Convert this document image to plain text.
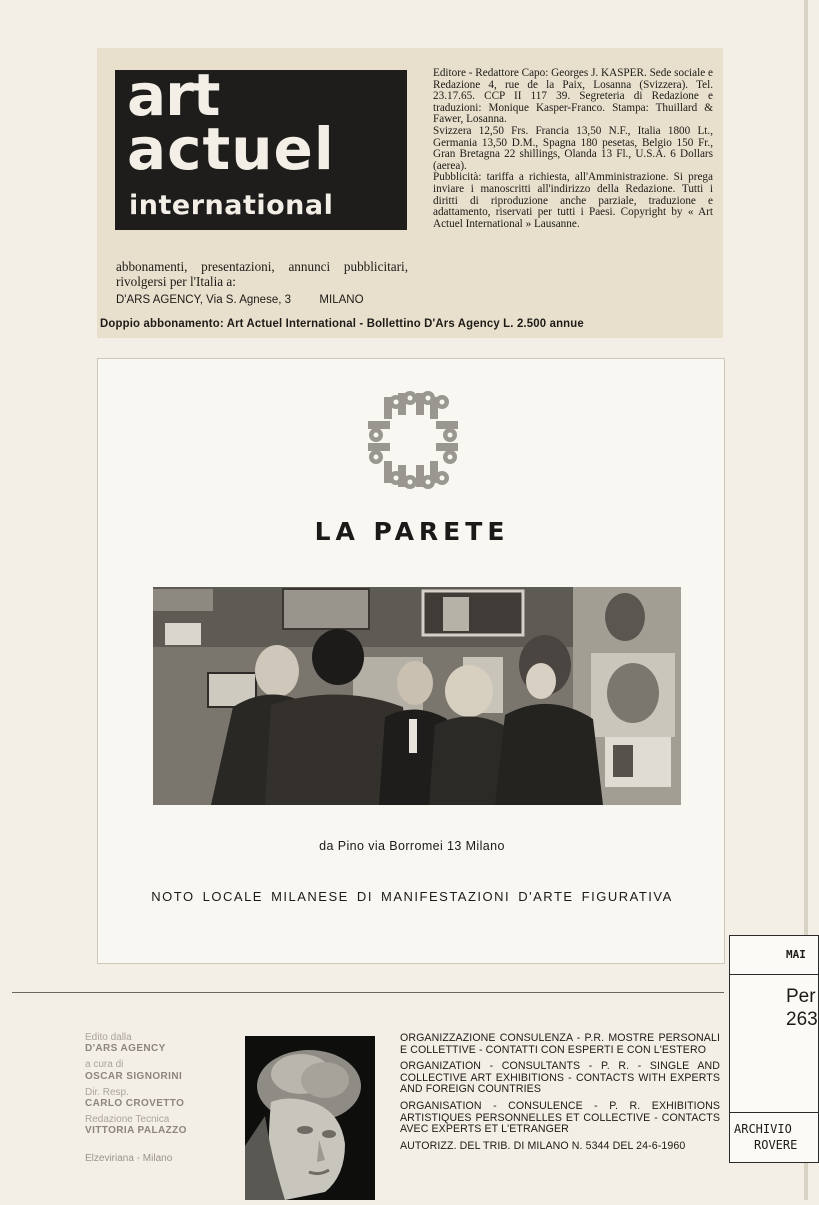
art
actuel
international

Editore - Redattore Capo: Georges J. KASPER. Sede sociale e Redazione 4, rue de la Paix, Losanna (Svizzera). Tel. 23.17.65. CCP II 117 39. Segreteria di Redazione e traduzioni: Monique Kasper-Franco. Stampa: Thuillard & Fawer, Losanna.

Svizzera 12,50 Frs. Francia 13,50 N.F., Italia 1800 Lt., Germania 13,50 D.M., Spagna 180 pesetas, Belgio 150 Fr., Gran Bretagna 22 shillings, Olanda 13 Fl., U.S.A. 6 Dollars (aerea).

Pubblicità: tariffa a richiesta, all'Amministrazione. Si prega inviare i manoscritti all'indirizzo della Redazione. Tutti i diritti di riproduzione anche parziale, traduzione e adattamento, riservati per tutti i Paesi. Copyright by « Art Actuel International » Lausanne.

abbonamenti, presentazioni, annunci pubblicitari, rivolgersi per l'Italia a:

D'ARS AGENCY, Via S. Agnese, 3 MILANO
Doppio abbonamento: Art Actuel International - Bollettino D'Ars Agency L. 2.500 annue
LA PARETE
da Pino via Borromei 13 Milano
NOTO LOCALE MILANESE DI MANIFESTAZIONI D'ARTE FIGURATIVA
MAI
Per
263
ARCHIVIO
ROVERE
Edito dalla
D'ARS AGENCY
a cura di
OSCAR SIGNORINI
Dir. Resp.
CARLO CROVETTO
Redazione Tecnica
VITTORIA PALAZZO
Elzeviriana - Milano

ORGANIZZAZIONE CONSULENZA - P.R. MOSTRE PERSONALI E COLLETTIVE - CONTATTI CON ESPERTI E CON L'ESTERO

ORGANIZATION - CONSULTANTS - P. R. - SINGLE AND COLLECTIVE ART EXHIBITIONS - CONTACTS WITH EXPERTS AND FOREIGN COUNTRIES

ORGANISATION - CONSULENCE - P. R. EXHIBITIONS ARTISTIQUES PERSONNELLES ET COLLECTIVE - CONTACTS AVEC EXPERTS ET L'ETRANGER

AUTORIZZ. DEL TRIB. DI MILANO N. 5344 DEL 24-6-1960
